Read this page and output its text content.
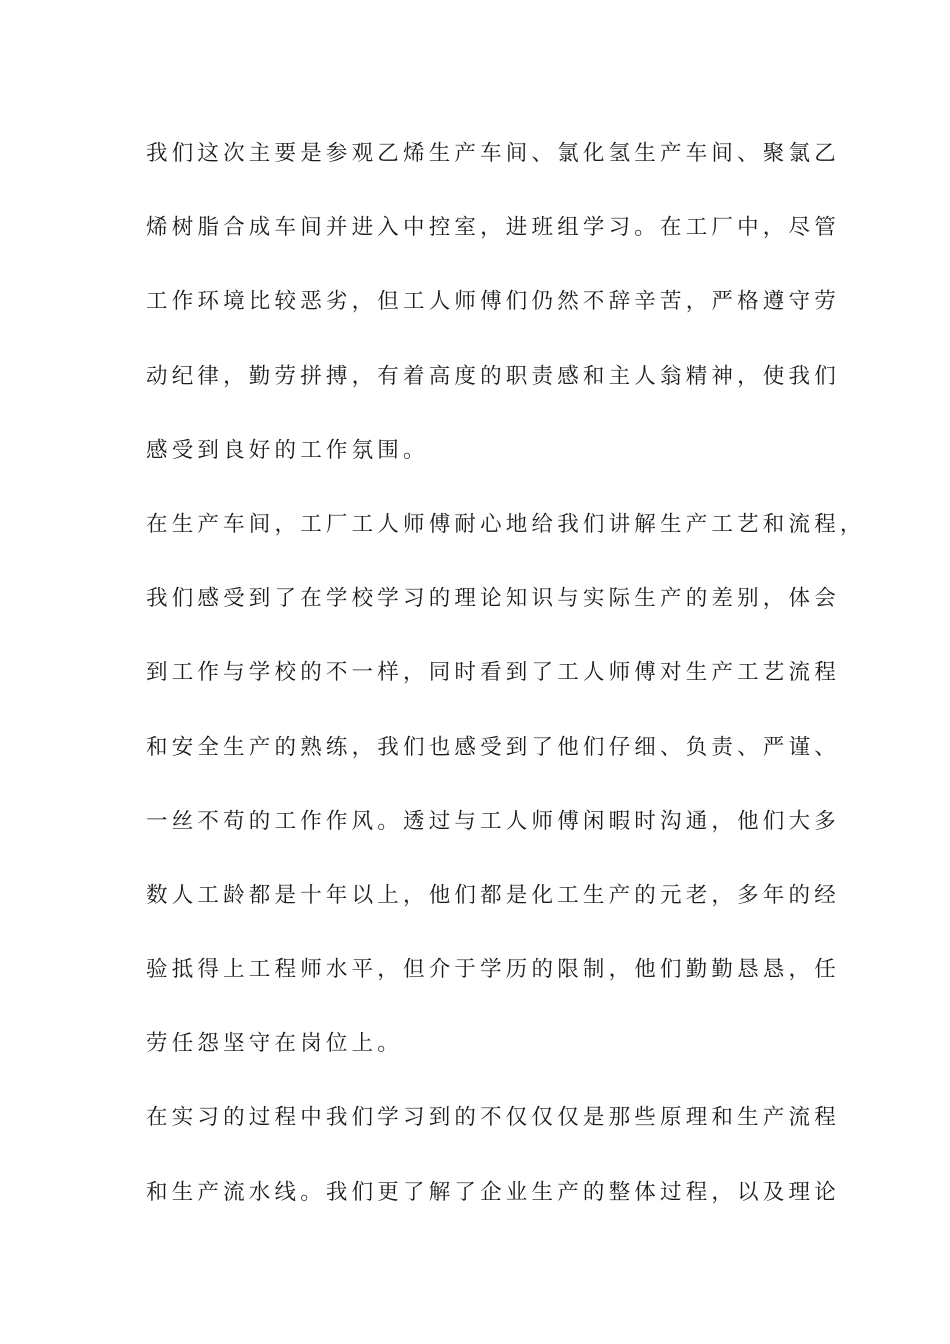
我们这次主要是参观乙烯生产车间、氯化氢生产车间、聚氯乙
烯树脂合成车间并进入中控室，进班组学习。在工厂中，尽管
工作环境比较恶劣，但工人师傅们仍然不辞辛苦，严格遵守劳
动纪律，勤劳拼搏，有着高度的职责感和主人翁精神，使我们
感受到良好的工作氛围。
在生产车间，工厂工人师傅耐心地给我们讲解生产工艺和流程，
我们感受到了在学校学习的理论知识与实际生产的差别，体会
到工作与学校的不一样，同时看到了工人师傅对生产工艺流程
和安全生产的熟练，我们也感受到了他们仔细、负责、严谨、
一丝不苟的工作作风。透过与工人师傅闲暇时沟通，他们大多
数人工龄都是十年以上，他们都是化工生产的元老，多年的经
验抵得上工程师水平，但介于学历的限制，他们勤勤恳恳，任
劳任怨坚守在岗位上。
在实习的过程中我们学习到的不仅仅仅是那些原理和生产流程
和生产流水线。我们更了解了企业生产的整体过程，以及理论
